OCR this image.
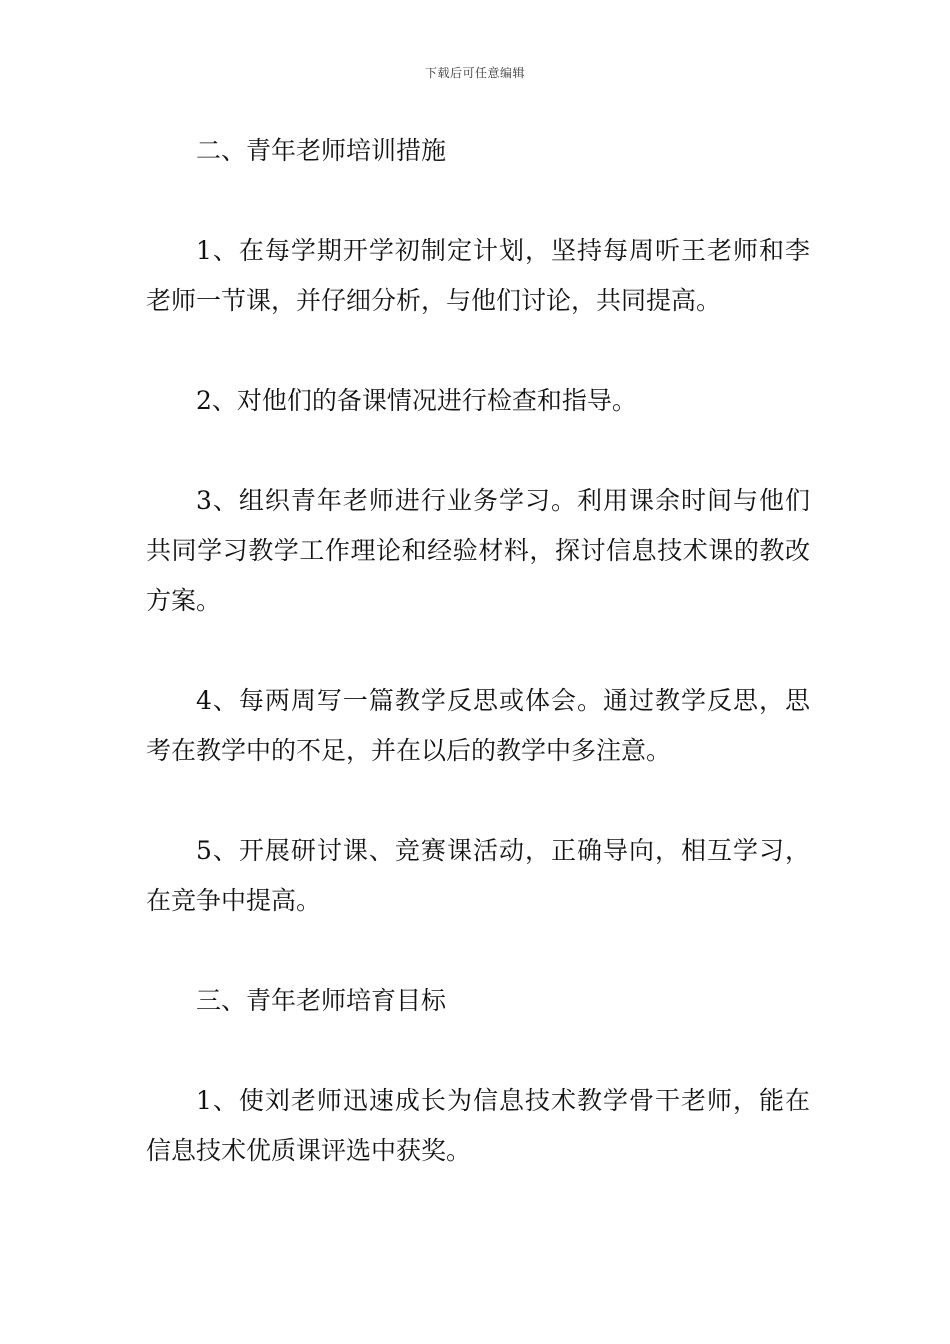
下载后可任意编辑

二、青年老师培训措施

1、在每学期开学初制定计划，坚持每周听王老师和李老师一节课，并仔细分析，与他们讨论，共同提高。

2、对他们的备课情况进行检查和指导。

3、组织青年老师进行业务学习。利用课余时间与他们共同学习教学工作理论和经验材料，探讨信息技术课的教改方案。

4、每两周写一篇教学反思或体会。通过教学反思，思考在教学中的不足，并在以后的教学中多注意。

5、开展研讨课、竞赛课活动，正确导向，相互学习，在竞争中提高。

三、青年老师培育目标

1、使刘老师迅速成长为信息技术教学骨干老师，能在信息技术优质课评选中获奖。
